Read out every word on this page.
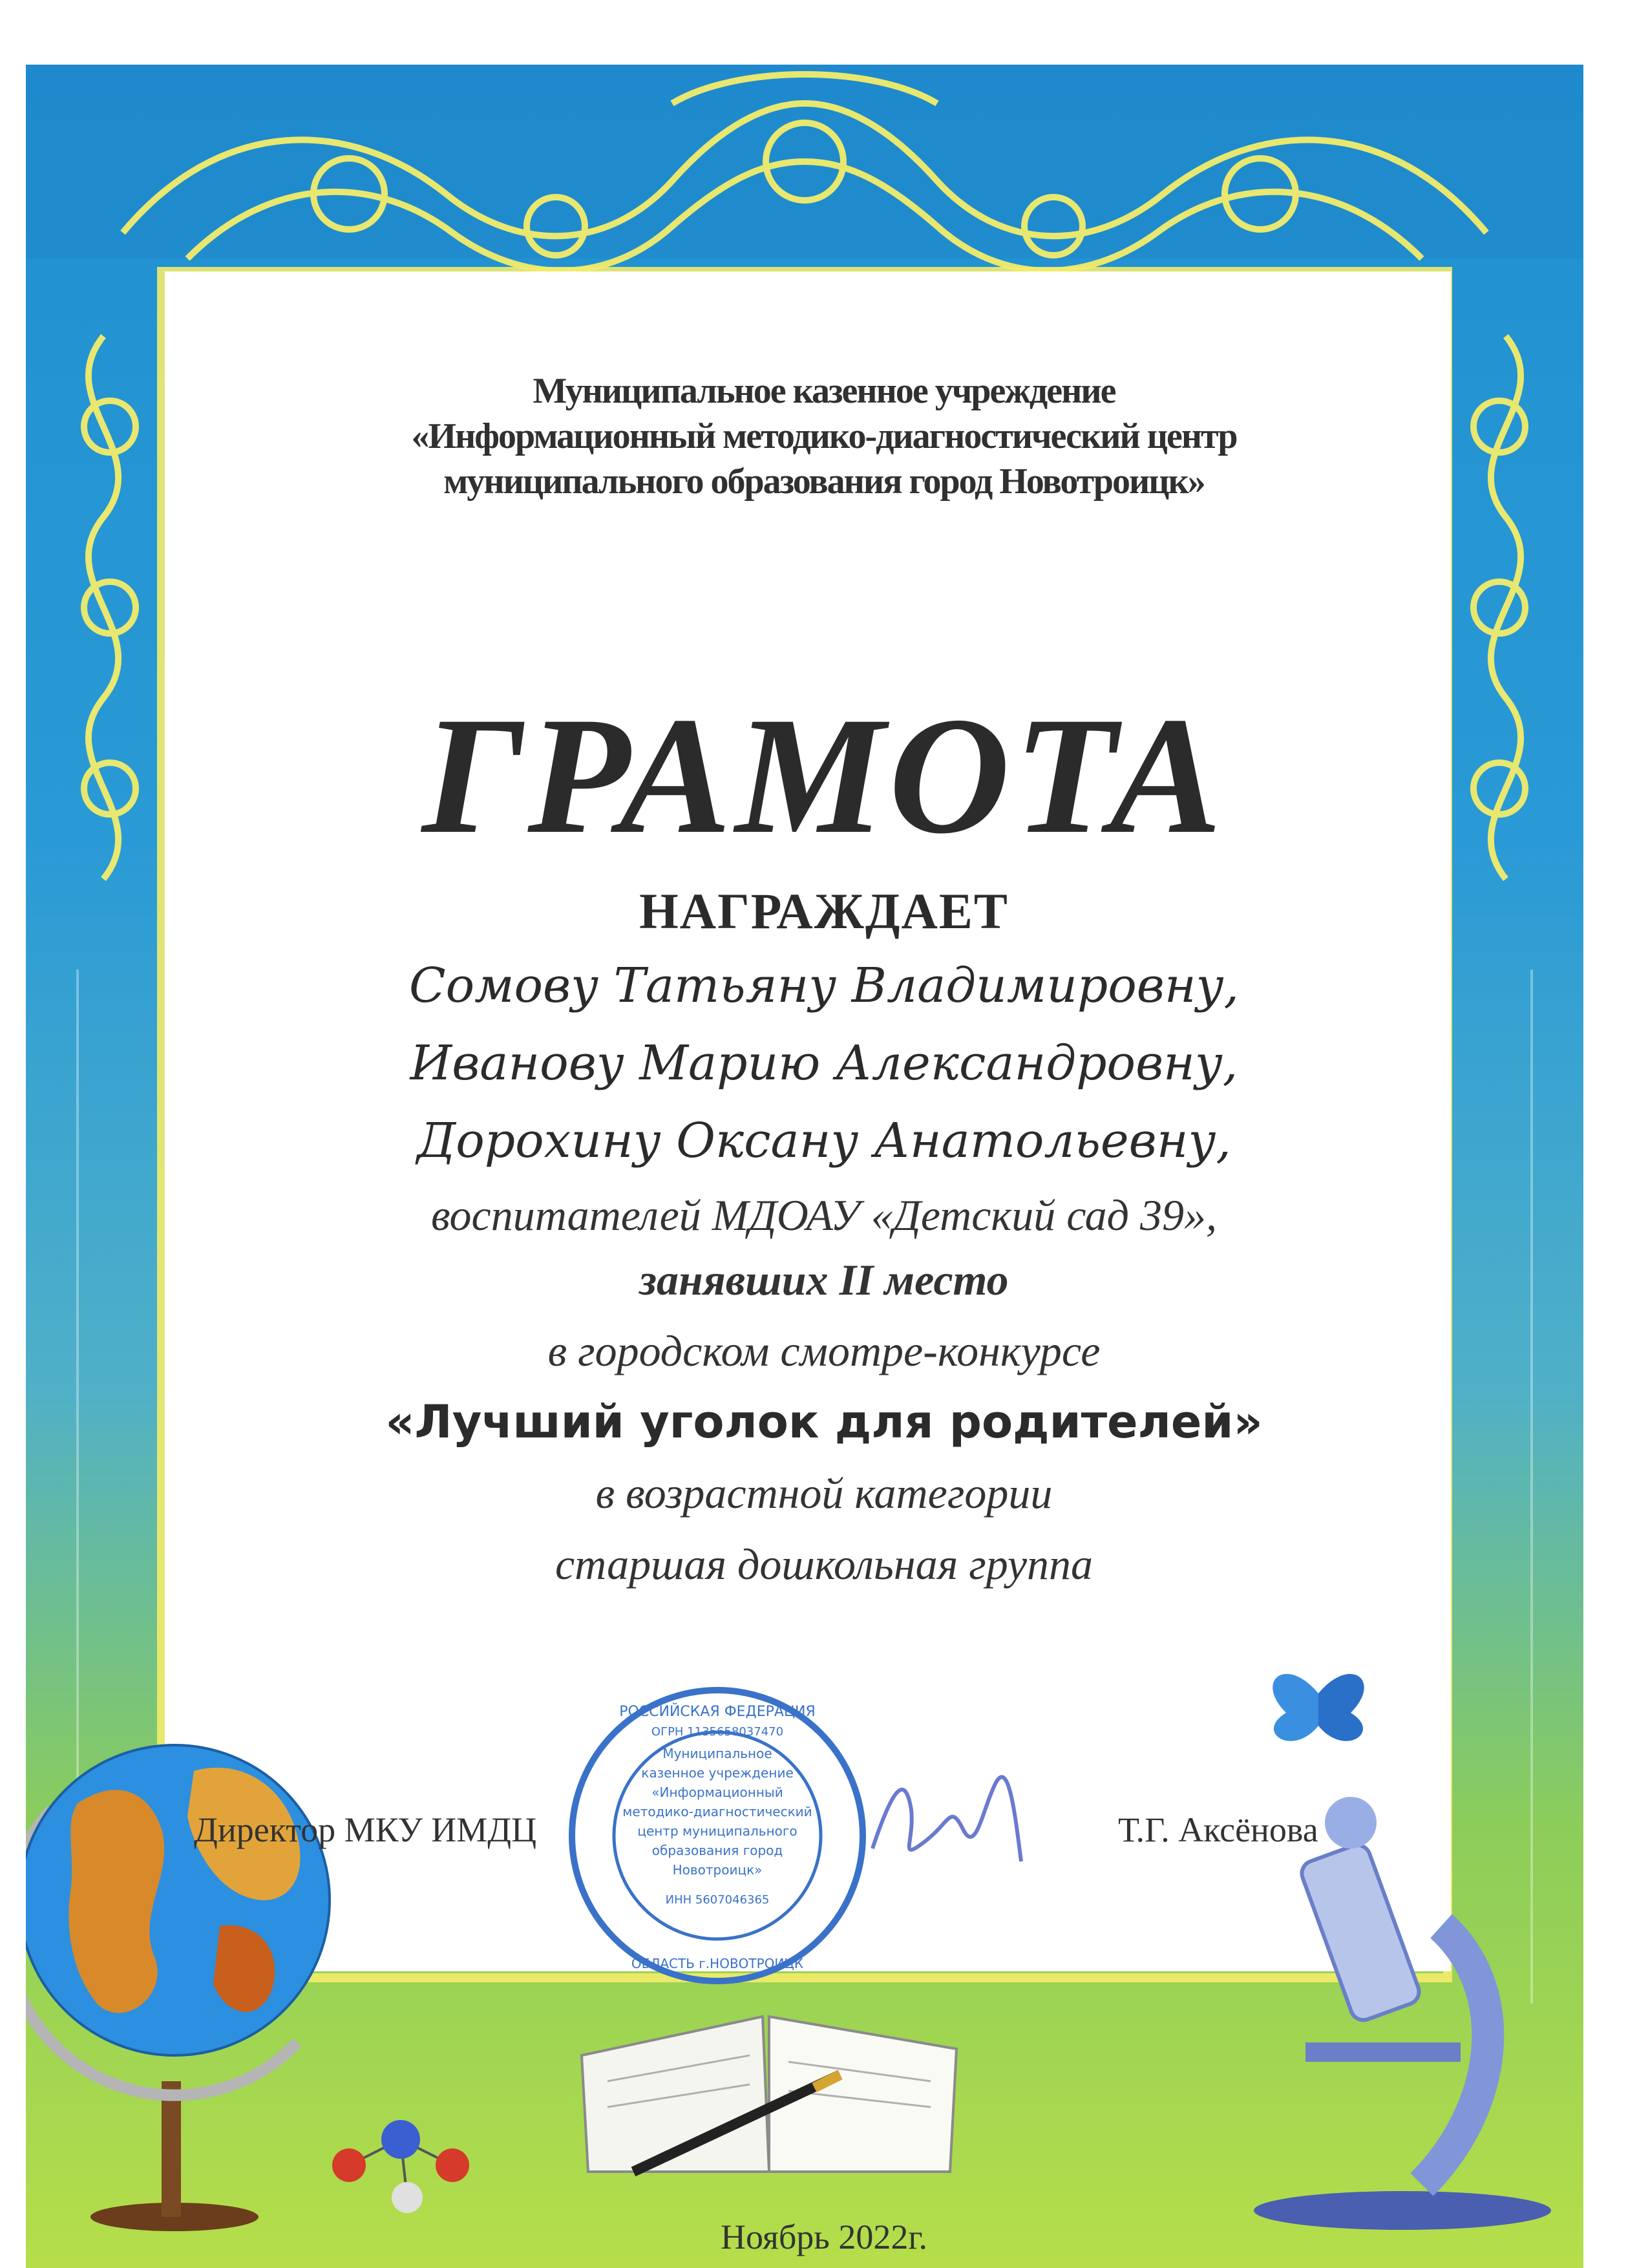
Муниципальное казенное учреждение
«Информационный методико-диагностический центр
муниципального образования город Новотроицк»
ГРАМОТА
НАГРАЖДАЕТ
Сомову Татьяну Владимировну,
Иванову Марию Александровну,
Дорохину Оксану Анатольевну,
воспитателей МДОАУ «Детский сад 39»,
занявших II место
в городском смотре-конкурсе
«Лучший уголок для родителей»
в возрастной категории
старшая дошкольная группа
Муниципальное
казенное учреждение
«Информационный
методико-диагностический
центр муниципального
образования город
Новотроицк»
ИНН 5607046365
РОССИЙСКАЯ ФЕДЕРАЦИЯ
ОГРН 1135658037470
ОБЛАСТЬ г.НОВОТРОИЦК
Директор МКУ ИМДЦ	Т.Г. Аксёнова
Ноябрь 2022г.
